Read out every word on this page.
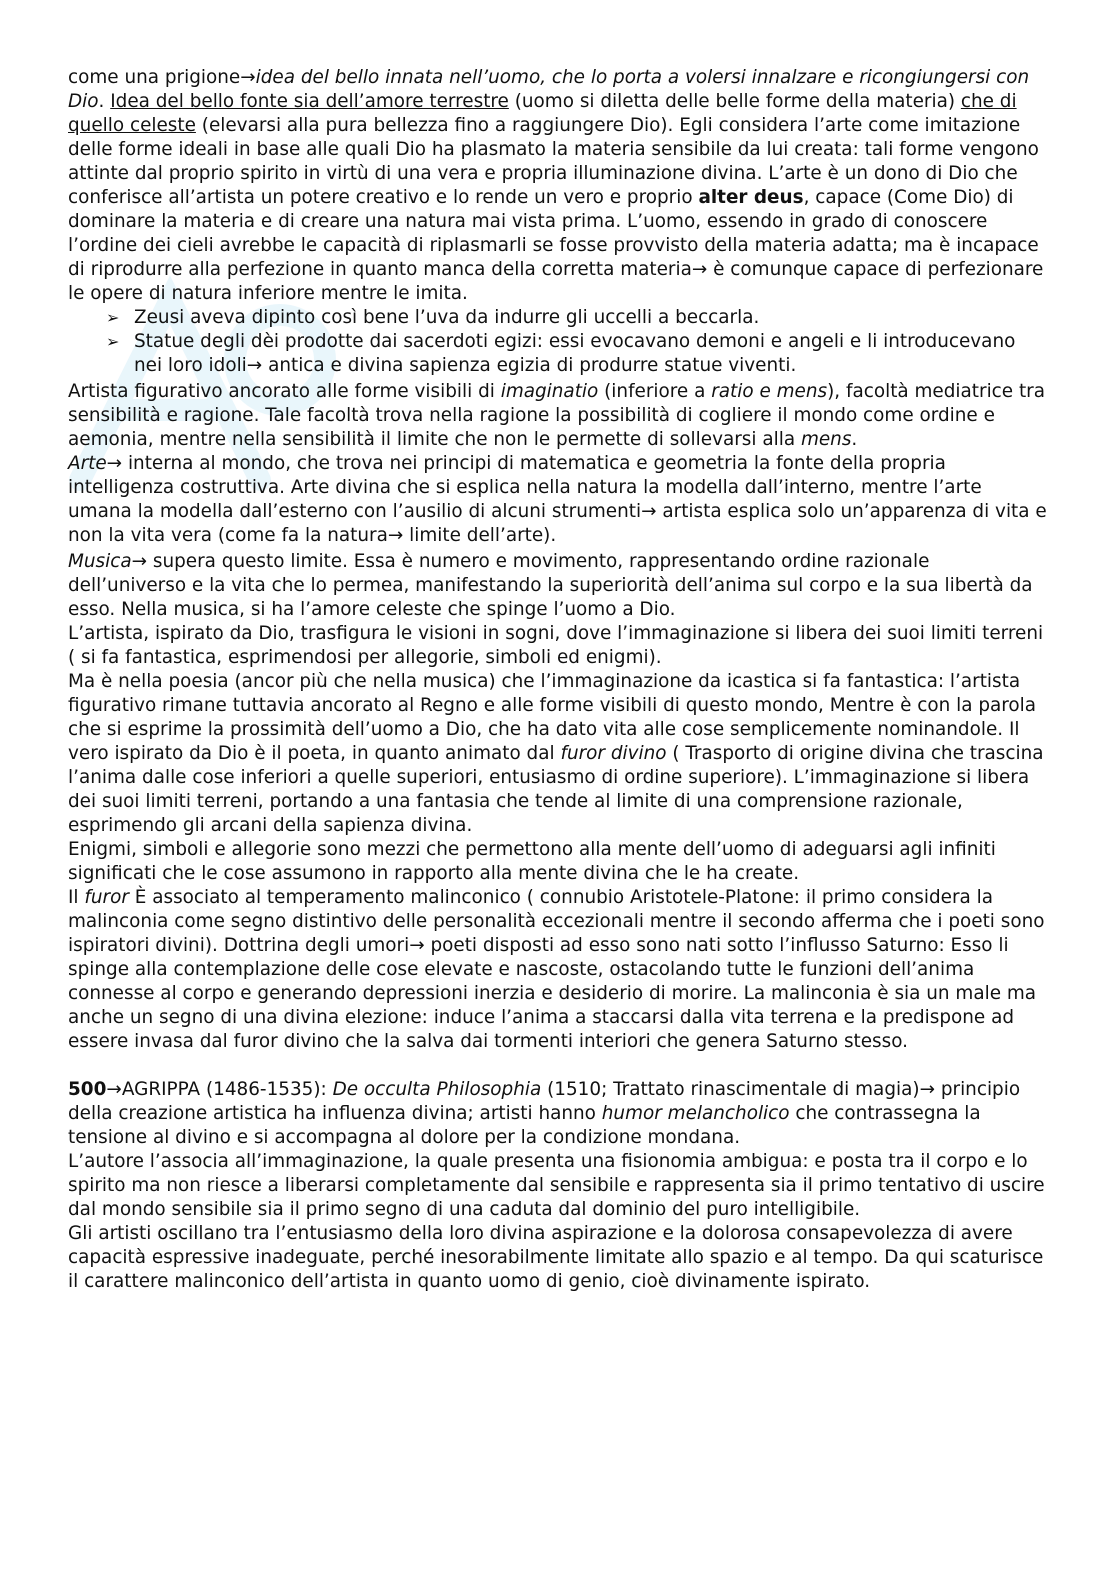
come una prigione→idea del bello innata nell’uomo, che lo porta a volersi innalzare e ricongiungersi con Dio. Idea del bello fonte sia dell’amore terrestre (uomo si diletta delle belle forme della materia) che di quello celeste (elevarsi alla pura bellezza fino a raggiungere Dio). Egli considera l’arte come imitazione delle forme ideali in base alle quali Dio ha plasmato la materia sensibile da lui creata: tali forme vengono attinte dal proprio spirito in virtù di una vera e propria illuminazione divina. L’arte è un dono di Dio che conferisce all’artista un potere creativo e lo rende un vero e proprio alter deus, capace (Come Dio) di dominare la materia e di creare una natura mai vista prima. L’uomo, essendo in grado di conoscere l’ordine dei cieli avrebbe le capacità di riplasmarli se fosse provvisto della materia adatta; ma è incapace di riprodurre alla perfezione in quanto manca della corretta materia→ è comunque capace di perfezionare le opere di natura inferiore mentre le imita.

➢ Zeusi aveva dipinto così bene l’uva da indurre gli uccelli a beccarla.
➢ Statue degli dèi prodotte dai sacerdoti egizi: essi evocavano demoni e angeli e li introducevano nei loro idoli→ antica e divina sapienza egizia di produrre statue viventi.

Artista figurativo ancorato alle forme visibili di imaginatio (inferiore a ratio e mens), facoltà mediatrice tra sensibilità e ragione. Tale facoltà trova nella ragione la possibilità di cogliere il mondo come ordine e aemonia, mentre nella sensibilità il limite che non le permette di sollevarsi alla mens.

Arte→ interna al mondo, che trova nei principi di matematica e geometria la fonte della propria intelligenza costruttiva. Arte divina che si esplica nella natura la modella dall’interno, mentre l’arte umana la modella dall’esterno con l’ausilio di alcuni strumenti→ artista esplica solo un’apparenza di vita e non la vita vera (come fa la natura→ limite dell’arte).

Musica→ supera questo limite. Essa è numero e movimento, rappresentando ordine razionale dell’universo e la vita che lo permea, manifestando la superiorità dell’anima sul corpo e la sua libertà da esso. Nella musica, si ha l’amore celeste che spinge l’uomo a Dio.

L’artista, ispirato da Dio, trasfigura le visioni in sogni, dove l’immaginazione si libera dei suoi limiti terreni ( si fa fantastica, esprimendosi per allegorie, simboli ed enigmi).

Ma è nella poesia (ancor più che nella musica) che l’immaginazione da icastica si fa fantastica: l’artista figurativo rimane tuttavia ancorato al Regno e alle forme visibili di questo mondo, Mentre è con la parola che si esprime la prossimità dell’uomo a Dio, che ha dato vita alle cose semplicemente nominandole. Il vero ispirato da Dio è il poeta, in quanto animato dal furor divino ( Trasporto di origine divina che trascina l’anima dalle cose inferiori a quelle superiori, entusiasmo di ordine superiore). L’immaginazione si libera dei suoi limiti terreni, portando a una fantasia che tende al limite di una comprensione razionale, esprimendo gli arcani della sapienza divina.

Enigmi, simboli e allegorie sono mezzi che permettono alla mente dell’uomo di adeguarsi agli infiniti significati che le cose assumono in rapporto alla mente divina che le ha create.

Il furor È associato al temperamento malinconico ( connubio Aristotele-Platone: il primo considera la malinconia come segno distintivo delle personalità eccezionali mentre il secondo afferma che i poeti sono ispiratori divini). Dottrina degli umori→ poeti disposti ad esso sono nati sotto l’influsso Saturno: Esso li spinge alla contemplazione delle cose elevate e nascoste, ostacolando tutte le funzioni dell’anima connesse al corpo e generando depressioni inerzia e desiderio di morire. La malinconia è sia un male ma anche un segno di una divina elezione: induce l’anima a staccarsi dalla vita terrena e la predispone ad essere invasa dal furor divino che la salva dai tormenti interiori che genera Saturno stesso.

500→AGRIPPA (1486-1535): De occulta Philosophia (1510; Trattato rinascimentale di magia)→ principio della creazione artistica ha influenza divina; artisti hanno humor melancholico che contrassegna la tensione al divino e si accompagna al dolore per la condizione mondana.

L’autore l’associa all’immaginazione, la quale presenta una fisionomia ambigua: e posta tra il corpo e lo spirito ma non riesce a liberarsi completamente dal sensibile e rappresenta sia il primo tentativo di uscire dal mondo sensibile sia il primo segno di una caduta dal dominio del puro intelligibile.

Gli artisti oscillano tra l’entusiasmo della loro divina aspirazione e la dolorosa consapevolezza di avere capacità espressive inadeguate, perché inesorabilmente limitate allo spazio e al tempo. Da qui scaturisce il carattere malinconico dell’artista in quanto uomo di genio, cioè divinamente ispirato.
